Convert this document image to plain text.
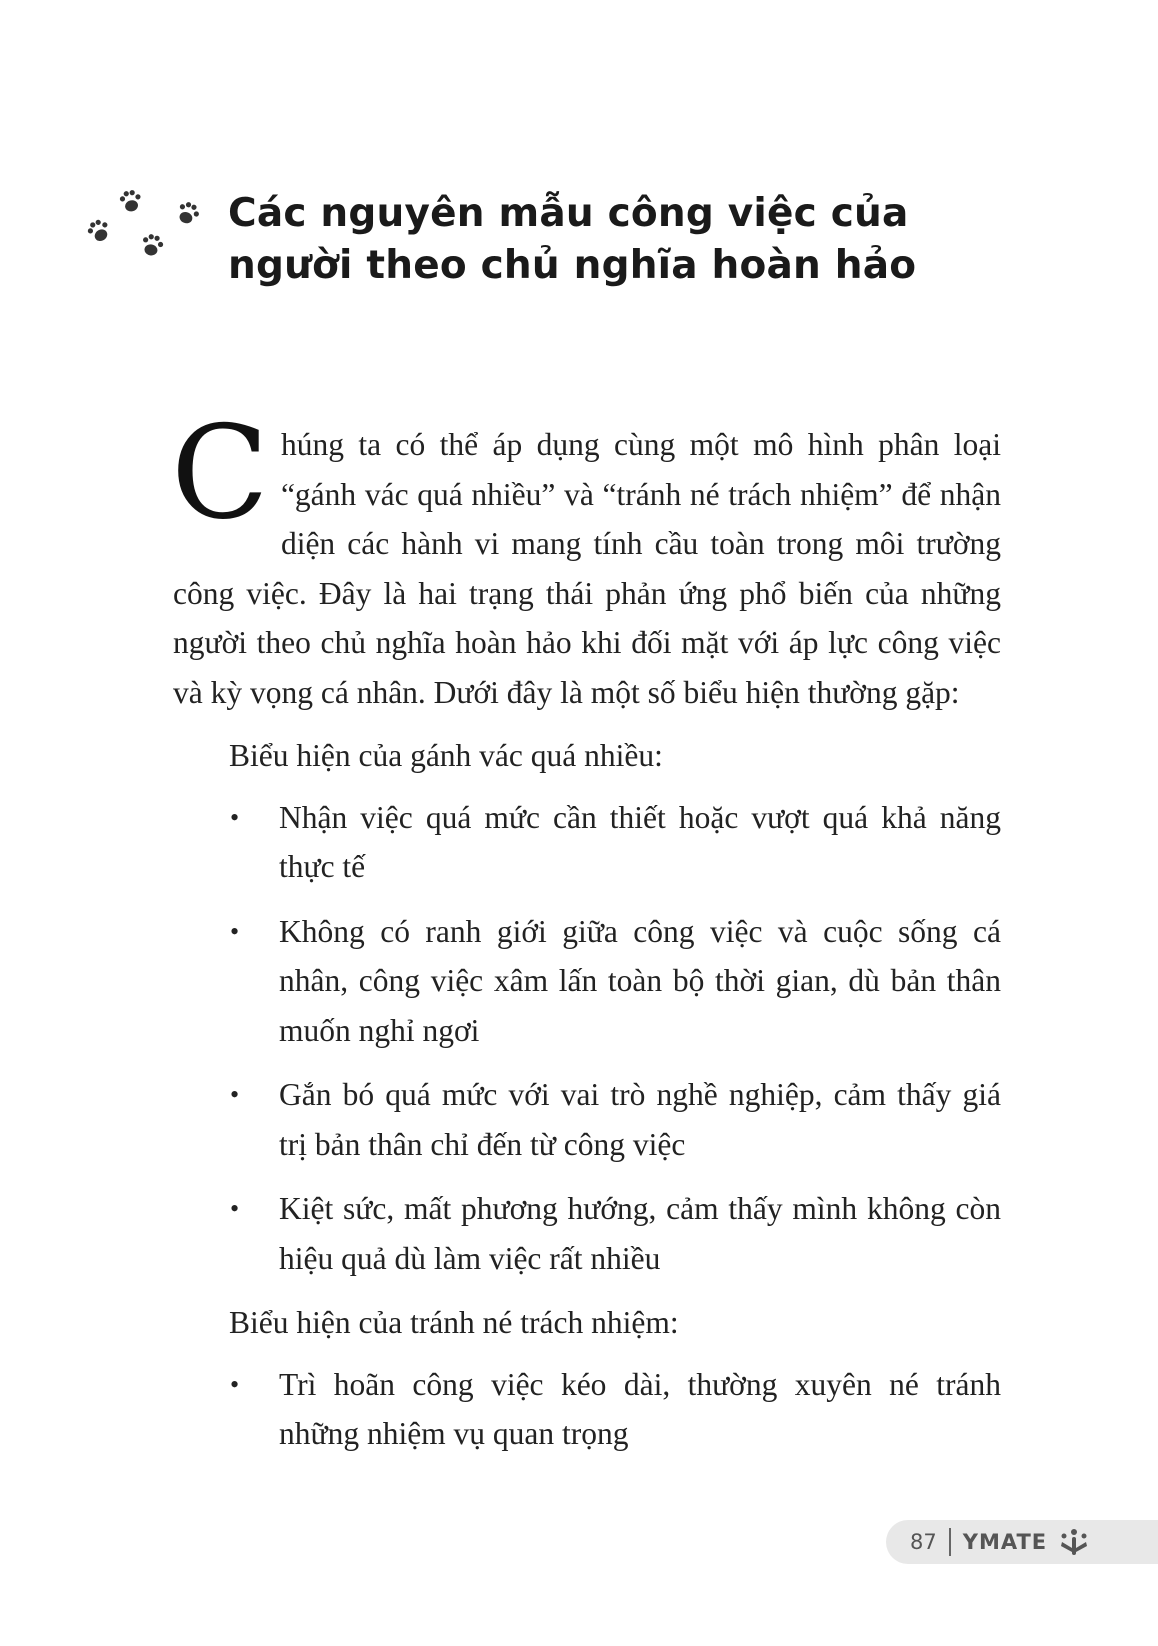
Các nguyên mẫu công việc của
người theo chủ nghĩa hoàn hảo

Chúng ta có thể áp dụng cùng một mô hình phân loại “gánh vác quá nhiều” và “tránh né trách nhiệm” để nhận diện các hành vi mang tính cầu toàn trong môi trường công việc. Đây là hai trạng thái phản ứng phổ biến của những người theo chủ nghĩa hoàn hảo khi đối mặt với áp lực công việc và kỳ vọng cá nhân. Dưới đây là một số biểu hiện thường gặp:

Biểu hiện của gánh vác quá nhiều:
• Nhận việc quá mức cần thiết hoặc vượt quá khả năng thực tế
• Không có ranh giới giữa công việc và cuộc sống cá nhân, công việc xâm lấn toàn bộ thời gian, dù bản thân muốn nghỉ ngơi
• Gắn bó quá mức với vai trò nghề nghiệp, cảm thấy giá trị bản thân chỉ đến từ công việc
• Kiệt sức, mất phương hướng, cảm thấy mình không còn hiệu quả dù làm việc rất nhiều
Biểu hiện của tránh né trách nhiệm:
• Trì hoãn công việc kéo dài, thường xuyên né tránh những nhiệm vụ quan trọng
87 YMATE
